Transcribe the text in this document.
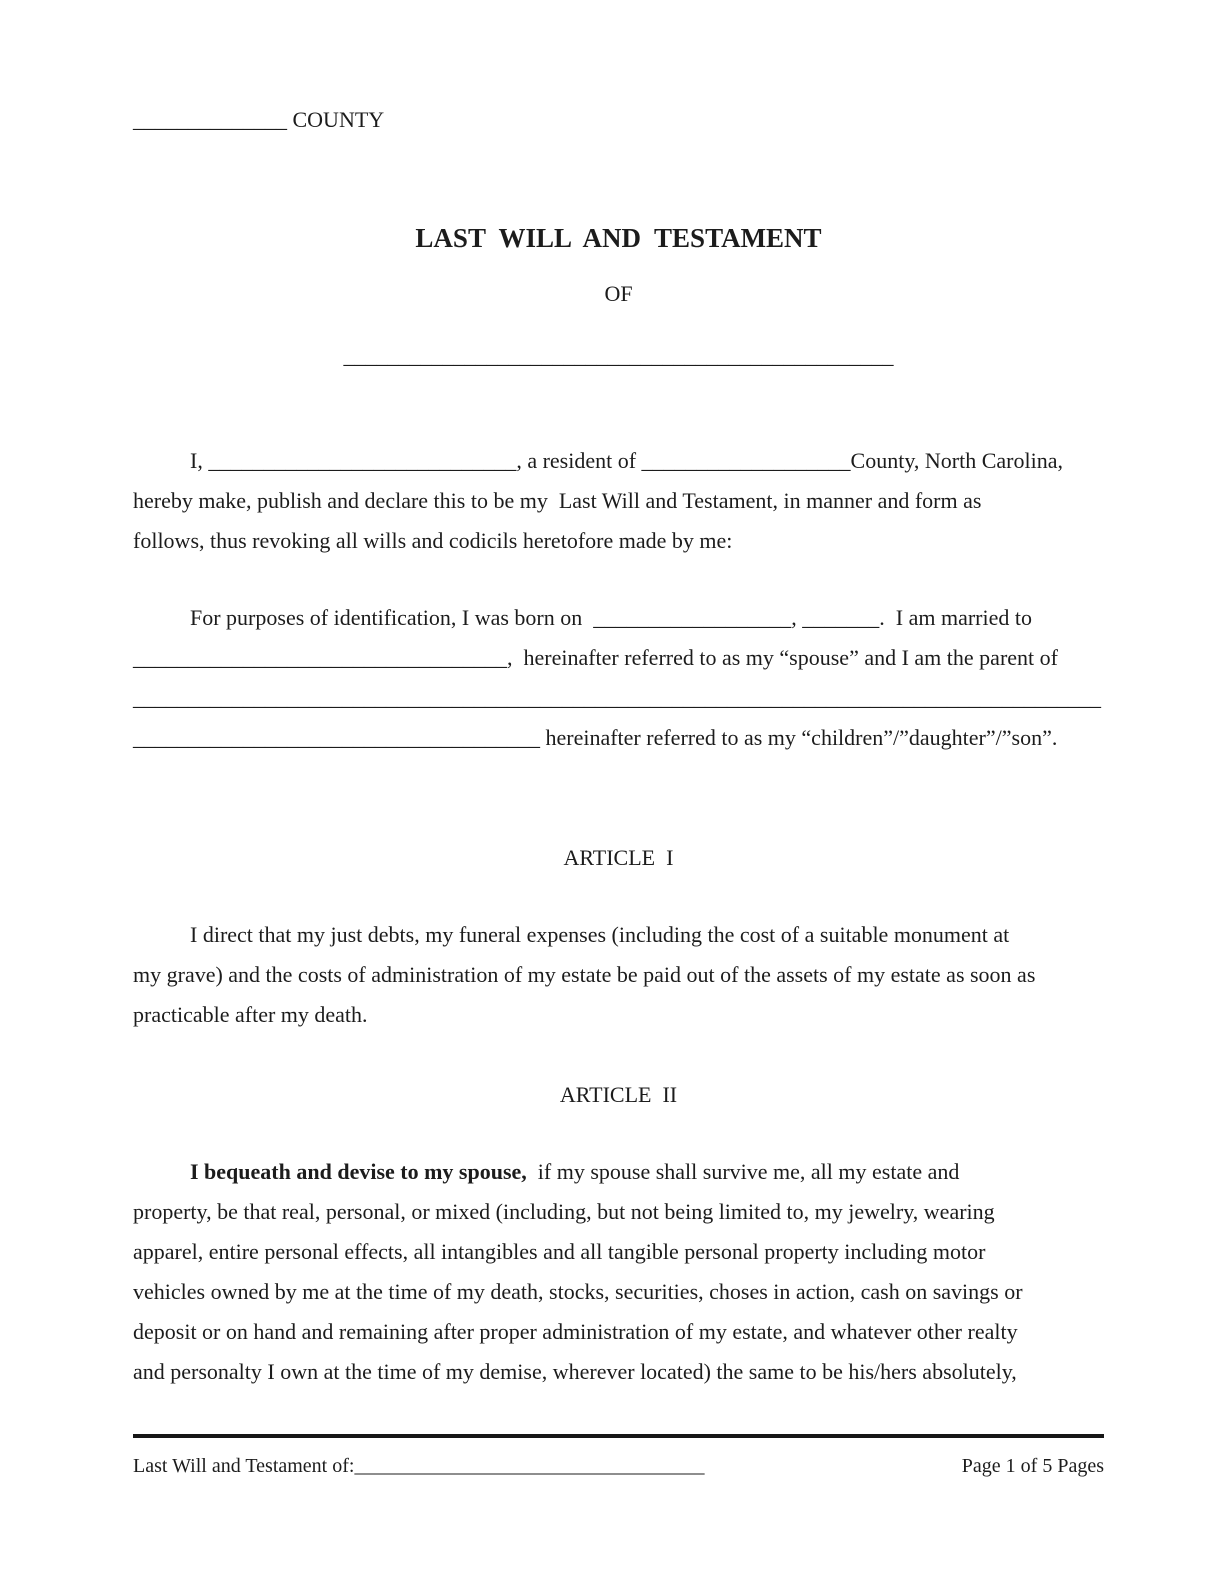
______________ COUNTY
LAST  WILL  AND  TESTAMENT
OF
__________________________________________________
I, ____________________________, a resident of ___________________County, North Carolina,
hereby make, publish and declare this to be my  Last Will and Testament, in manner and form as
follows, thus revoking all wills and codicils heretofore made by me:
For purposes of identification, I was born on  __________________, _______.  I am married to
__________________________________,  hereinafter referred to as my “spouse” and I am the parent of
________________________________________________________________________________________
_____________________________________ hereinafter referred to as my “children”/”daughter”/”son”.
ARTICLE  I
I direct that my just debts, my funeral expenses (including the cost of a suitable monument at
my grave) and the costs of administration of my estate be paid out of the assets of my estate as soon as
practicable after my death.
ARTICLE  II
I bequeath and devise to my spouse,  if my spouse shall survive me, all my estate and
property, be that real, personal, or mixed (including, but not being limited to, my jewelry, wearing
apparel, entire personal effects, all intangibles and all tangible personal property including motor
vehicles owned by me at the time of my death, stocks, securities, choses in action, cash on savings or
deposit or on hand and remaining after proper administration of my estate, and whatever other realty
and personalty I own at the time of my demise, wherever located) the same to be his/hers absolutely,
Last Will and Testament of:___________________________________	Page 1 of 5 Pages
